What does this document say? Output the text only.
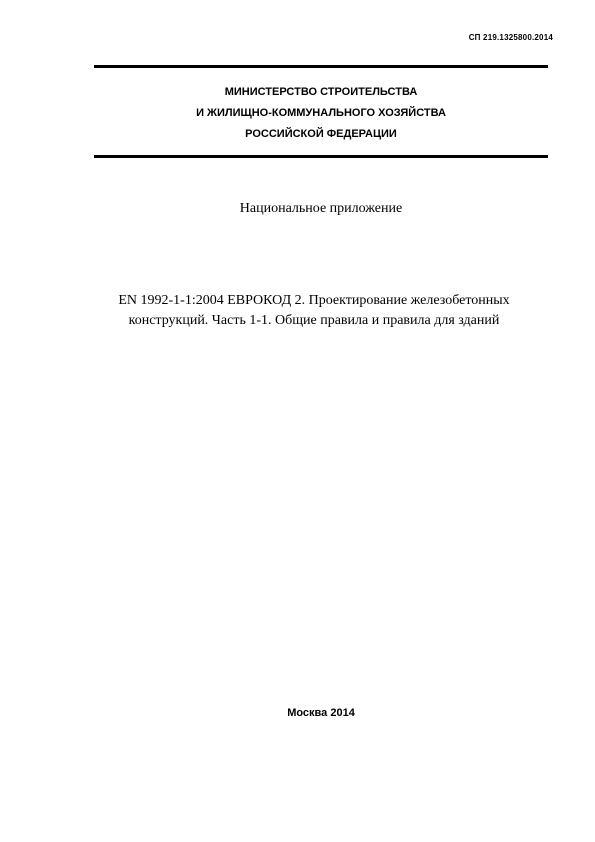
СП 219.1325800.2014
МИНИСТЕРСТВО СТРОИТЕЛЬСТВА
И ЖИЛИЩНО-КОММУНАЛЬНОГО ХОЗЯЙСТВА
РОССИЙСКОЙ ФЕДЕРАЦИИ
Национальное приложение
EN 1992-1-1:2004 ЕВРОКОД 2. Проектирование железобетонных
конструкций. Часть 1-1. Общие правила и правила для зданий
Москва 2014
